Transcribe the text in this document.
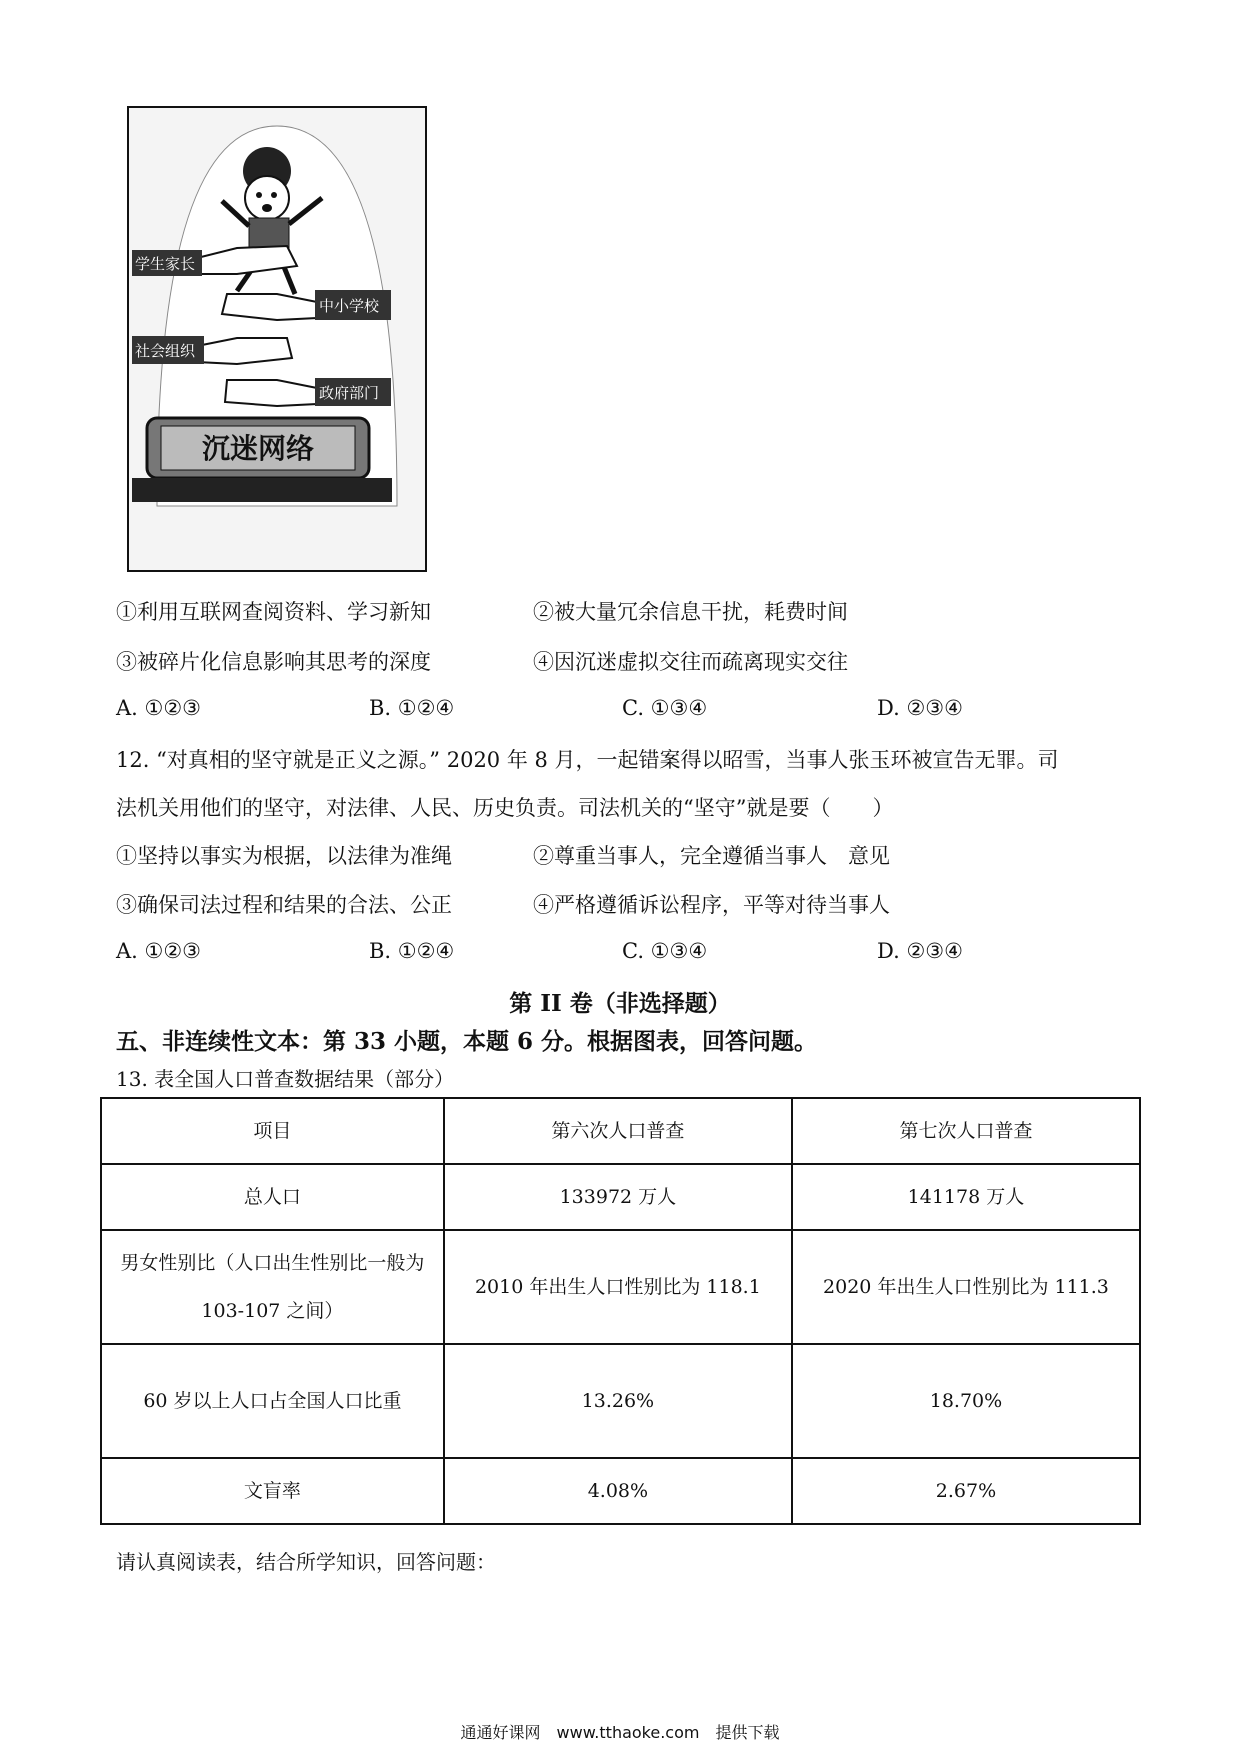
学生家长
中小学校
社会组织
政府部门
沉迷网络
①利用互联网查阅资料、学习新知	②被大量冗余信息干扰，耗费时间
③被碎片化信息影响其思考的深度	④因沉迷虚拟交往而疏离现实交往
A. ①②③	B. ①②④	C. ①③④	D. ②③④
12. “对真相的坚守就是正义之源。” 2020 年 8 月，一起错案得以昭雪，当事人张玉环被宣告无罪。司
法机关用他们的坚守，对法律、人民、历史负责。司法机关的“坚守”就是要（　　）
①坚持以事实为根据，以法律为准绳	②尊重当事人，完全遵循当事人　意见
③确保司法过程和结果的合法、公正	④严格遵循诉讼程序，平等对待当事人
A. ①②③	B. ①②④	C. ①③④	D. ②③④
第 II 卷（非选择题）
五、非连续性文本：第 33 小题，本题 6 分。根据图表，回答问题。
13. 表全国人口普查数据结果（部分）
项目	第六次人口普查	第七次人口普查
总人口	133972 万人	141178 万人
男女性别比（人口出生性别比一般为 103-107 之间）	2010 年出生人口性别比为 118.1	2020 年出生人口性别比为 111.3
60 岁以上人口占全国人口比重	13.26%	18.70%
文盲率	4.08%	2.67%
请认真阅读表，结合所学知识，回答问题：
通通好课网　www.tthaoke.com　提供下载
